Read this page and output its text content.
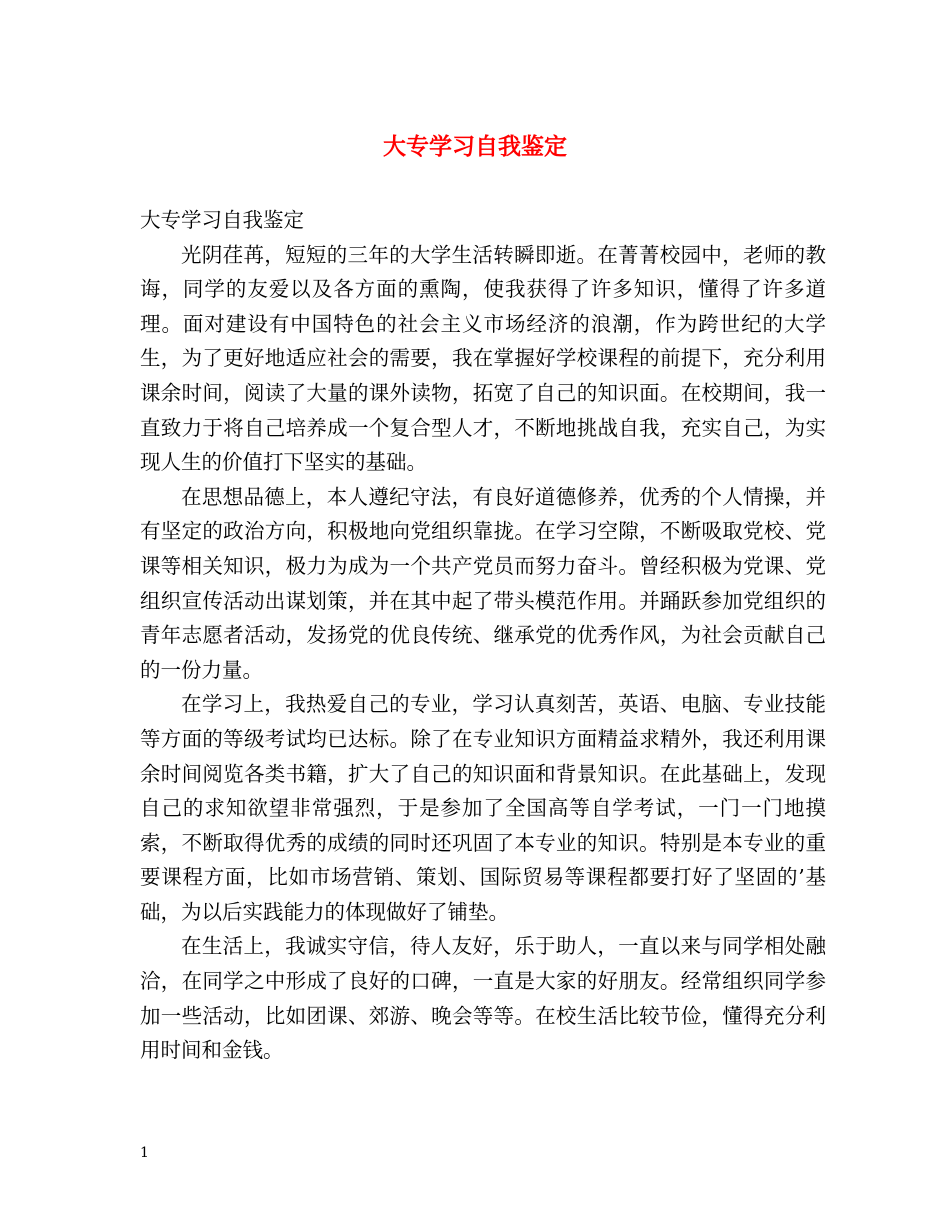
大专学习自我鉴定

大专学习自我鉴定

光阴荏苒，短短的三年的大学生活转瞬即逝。在菁菁校园中，老师的教诲，同学的友爱以及各方面的熏陶，使我获得了许多知识，懂得了许多道理。面对建设有中国特色的社会主义市场经济的浪潮，作为跨世纪的大学生，为了更好地适应社会的需要，我在掌握好学校课程的前提下，充分利用课余时间，阅读了大量的课外读物，拓宽了自己的知识面。在校期间，我一直致力于将自己培养成一个复合型人才，不断地挑战自我，充实自己，为实现人生的价值打下坚实的基础。

在思想品德上，本人遵纪守法，有良好道德修养，优秀的个人情操，并有坚定的政治方向，积极地向党组织靠拢。在学习空隙，不断吸取党校、党课等相关知识，极力为成为一个共产党员而努力奋斗。曾经积极为党课、党组织宣传活动出谋划策，并在其中起了带头模范作用。并踊跃参加党组织的青年志愿者活动，发扬党的优良传统、继承党的优秀作风，为社会贡献自己的一份力量。

在学习上，我热爱自己的专业，学习认真刻苦，英语、电脑、专业技能等方面的等级考试均已达标。除了在专业知识方面精益求精外，我还利用课余时间阅览各类书籍，扩大了自己的知识面和背景知识。在此基础上，发现自己的求知欲望非常强烈，于是参加了全国高等自学考试，一门一门地摸索，不断取得优秀的成绩的同时还巩固了本专业的知识。特别是本专业的重要课程方面，比如市场营销、策划、国际贸易等课程都要打好了坚固的’基础，为以后实践能力的体现做好了铺垫。

在生活上，我诚实守信，待人友好，乐于助人，一直以来与同学相处融洽，在同学之中形成了良好的口碑，一直是大家的好朋友。经常组织同学参加一些活动，比如团课、郊游、晚会等等。在校生活比较节俭，懂得充分利用时间和金钱。

1
